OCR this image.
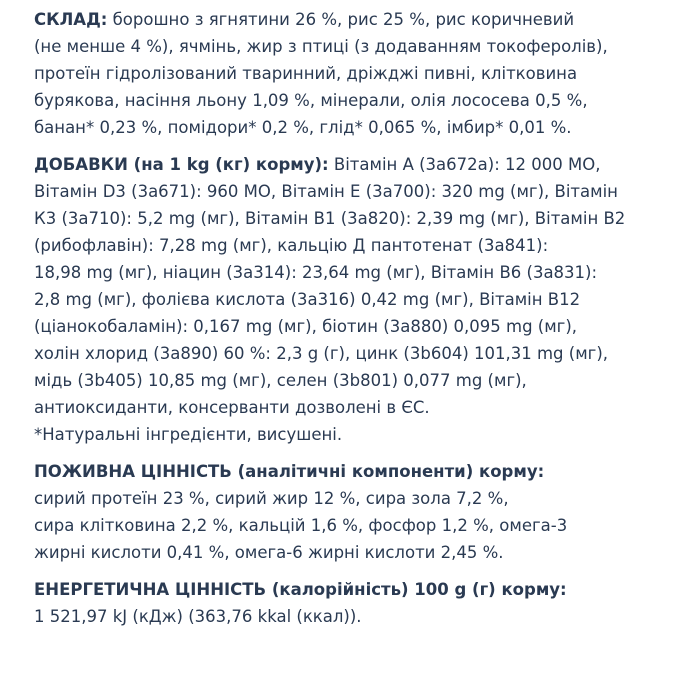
СКЛАД: борошно з ягнятини 26 %, рис 25 %, рис коричневий
(не менше 4 %), ячмінь, жир з птиці (з додаванням токоферолів),
протеїн гідролізований тваринний, дріжджі пивні, клітковина
бурякова, насіння льону 1,09 %, мінерали, олія лососева 0,5 %,
банан* 0,23 %, помідори* 0,2 %, глід* 0,065 %, імбир* 0,01 %.
ДОБАВКИ (на 1 kg (кг) корму): Вітамін А (3а672а): 12 000 МО,
Вітамін D3 (3а671): 960 МО, Вітамін Е (3а700): 320 mg (мг), Вітамін
К3 (3а710): 5,2 mg (мг), Вітамін В1 (3а820): 2,39 mg (мг), Вітамін В2
(рибофлавін): 7,28 mg (мг), кальцію Д пантотенат (3а841):
18,98 mg (мг), ніацин (3а314): 23,64 mg (мг), Вітамін В6 (3а831):
2,8 mg (мг), фолієва кислота (3а316) 0,42 mg (мг), Вітамін В12
(ціанокобаламін): 0,167 mg (мг), біотин (3а880) 0,095 mg (мг),
холін хлорид (3а890) 60 %: 2,3 g (г), цинк (3b604) 101,31 mg (мг),
мідь (3b405) 10,85 mg (мг), селен (3b801) 0,077 mg (мг),
антиоксиданти, консерванти дозволені в ЄС.
*Натуральні інгредієнти, висушені.
ПОЖИВНА ЦІННІСТЬ (аналітичні компоненти) корму:
сирий протеїн 23 %, сирий жир 12 %, сира зола 7,2 %,
сира клітковина 2,2 %, кальцій 1,6 %, фосфор 1,2 %, омега-3
жирні кислоти 0,41 %, омега-6 жирні кислоти 2,45 %.
ЕНЕРГЕТИЧНА ЦІННІСТЬ (калорійність) 100 g (г) корму:
1 521,97 kJ (кДж) (363,76 kkal (ккал)).
